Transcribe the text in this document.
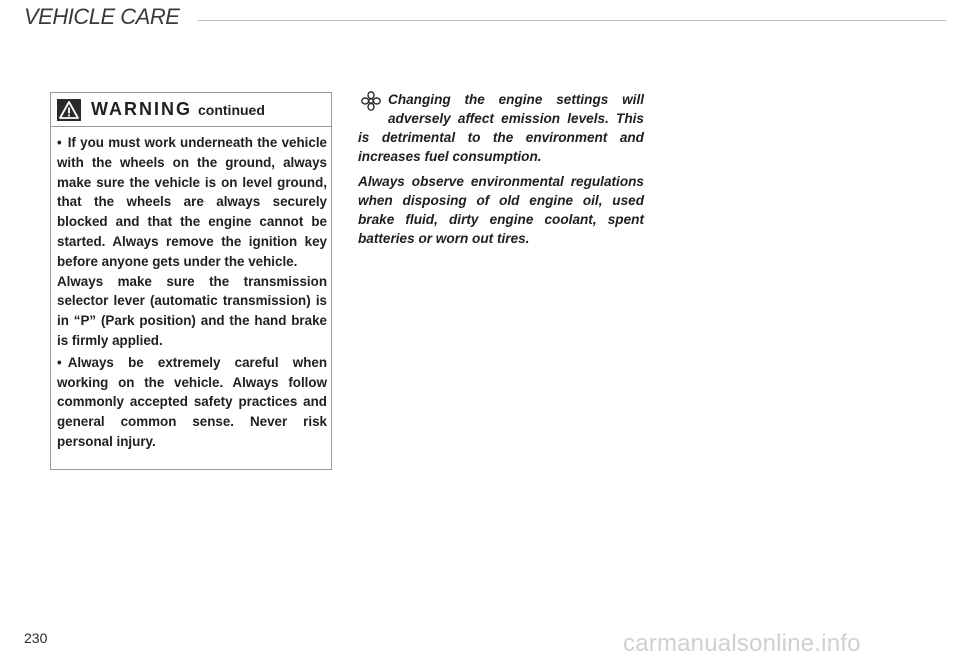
VEHICLE CARE
WARNING continued

• If you must work underneath the vehicle with the wheels on the ground, always make sure the vehicle is on level ground, that the wheels are always securely blocked and that the engine cannot be started. Always remove the ignition key before anyone gets under the vehicle.

Always make sure the transmission selector lever (automatic transmission) is in “P” (Park position) and the hand brake is firmly applied.

• Always be extremely careful when working on the vehicle. Always follow commonly accepted safety practices and general common sense. Never risk personal injury.

Changing the engine settings will adversely affect emission levels. This is detrimental to the environment and increases fuel consumption.

Always observe environmental regulations when disposing of old engine oil, used brake fluid, dirty engine coolant, spent batteries or worn out tires.

230	carmanualsonline.info
